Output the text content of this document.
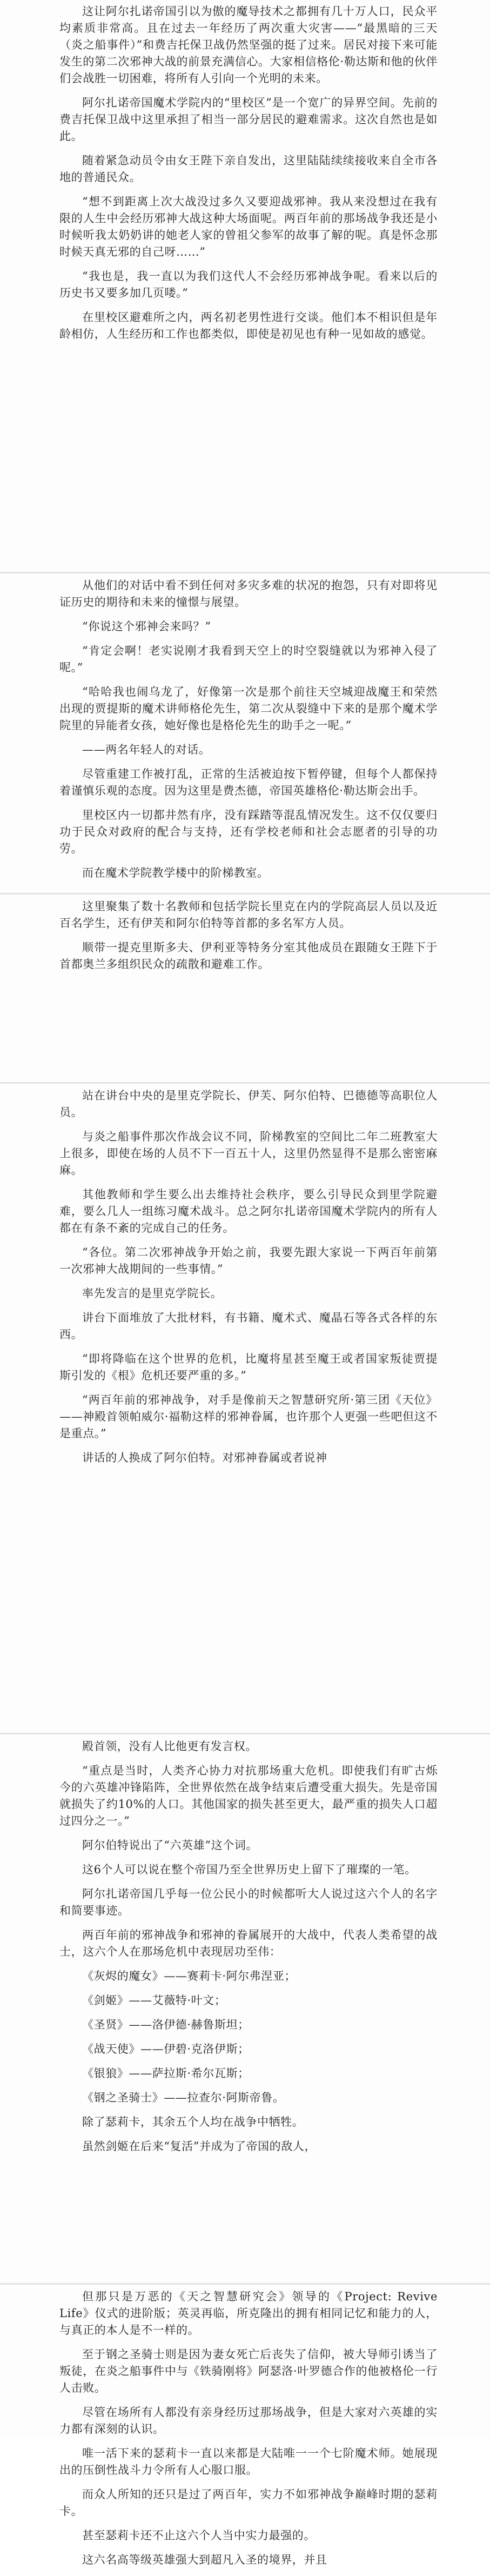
这让阿尔扎诺帝国引以为傲的魔导技术之都拥有几十万人口，民众平均素质非常高。且在过去一年经历了两次重大灾害——“最黑暗的三天（炎之船事件）”和费吉托保卫战仍然坚强的挺了过来。居民对接下来可能发生的第二次邪神大战的前景充满信心。大家相信格伦·勒达斯和他的伙伴们会战胜一切困难，将所有人引向一个光明的未来。

阿尔扎诺帝国魔术学院内的“里校区”是一个宽广的异界空间。先前的费吉托保卫战中这里承担了相当一部分居民的避难需求。这次自然也是如此。

随着紧急动员令由女王陛下亲自发出，这里陆陆续续接收来自全市各地的普通民众。

“想不到距离上次大战没过多久又要迎战邪神。我从来没想过在我有限的人生中会经历邪神大战这种大场面呢。两百年前的那场战争我还是小时候听我太奶奶讲的她老人家的曾祖父参军的故事了解的呢。真是怀念那时候天真无邪的自己呀……”

“我也是，我一直以为我们这代人不会经历邪神战争呢。看来以后的历史书又要多加几页喽。”

在里校区避难所之内，两名初老男性进行交谈。他们本不相识但是年龄相仿，人生经历和工作也都类似，即使是初见也有种一见如故的感觉。

从他们的对话中看不到任何对多灾多难的状况的抱怨，只有对即将见证历史的期待和未来的憧憬与展望。

“你说这个邪神会来吗？”

“肯定会啊！老实说刚才我看到天空上的时空裂缝就以为邪神入侵了呢。”

“哈哈我也闹乌龙了，好像第一次是那个前往天空城迎战魔王和荣然出现的贾提斯的魔术讲师格伦先生，第二次从裂缝中下来的是那个魔术学院里的异能者女孩，她好像也是格伦先生的助手之一呢。”

——两名年轻人的对话。

尽管重建工作被打乱，正常的生活被迫按下暂停键，但每个人都保持着谨慎乐观的态度。因为这里是费杰德，帝国英雄格伦·勒达斯会出手。

里校区内一切都井然有序，没有踩踏等混乱情况发生。这不仅仅要归功于民众对政府的配合与支持，还有学校老师和社会志愿者的引导的功劳。

而在魔术学院教学楼中的阶梯教室。

这里聚集了数十名教师和包括学院长里克在内的学院高层人员以及近百名学生，还有伊芙和阿尔伯特等首都的多名军方人员。

顺带一提克里斯多夫、伊利亚等特务分室其他成员在跟随女王陛下于首都奥兰多组织民众的疏散和避难工作。

站在讲台中央的是里克学院长、伊芙、阿尔伯特、巴德德等高职位人员。

与炎之船事件那次作战会议不同，阶梯教室的空间比二年二班教室大上很多，即使在场的人员不下一百五十人，这里仍然显得不是那么密密麻麻。

其他教师和学生要么出去维持社会秩序，要么引导民众到里学院避难，要么几人一组练习魔术战斗。总之阿尔扎诺帝国魔术学院内的所有人都在有条不紊的完成自己的任务。

“各位。第二次邪神战争开始之前，我要先跟大家说一下两百年前第一次邪神大战期间的一些事情。”

率先发言的是里克学院长。

讲台下面堆放了大批材料，有书籍、魔术式、魔晶石等各式各样的东西。

“即将降临在这个世界的危机，比魔将星甚至魔王或者国家叛徒贾提斯引发的《根》危机还要严重的多。”

“两百年前的邪神战争，对手是像前天之智慧研究所·第三团《天位》——神殿首领帕威尔·福勒这样的邪神眷属，也许那个人更强一些吧但这不是重点。”

讲话的人换成了阿尔伯特。对邪神眷属或者说神

殿首领，没有人比他更有发言权。

“重点是当时，人类齐心协力对抗那场重大危机。即使我们有旷古烁今的六英雄冲锋陷阵，全世界依然在战争结束后遭受重大损失。先是帝国就损失了约10%的人口。其他国家的损失甚至更大，最严重的损失人口超过四分之一。”

阿尔伯特说出了“六英雄”这个词。

这6个人可以说在整个帝国乃至全世界历史上留下了璀璨的一笔。

阿尔扎诺帝国几乎每一位公民小的时候都听大人说过这六个人的名字和简要事迹。

两百年前的邪神战争和邪神的眷属展开的大战中，代表人类希望的战士，这六个人在那场危机中表现居功至伟：

《灰烬的魔女》——赛莉卡·阿尔弗涅亚；

《剑姬》——艾薇特·叶文；

《圣贤》——洛伊德·赫鲁斯坦；

《战天使》——伊碧·克洛伊斯；

《银狼》——萨拉斯·希尔瓦斯；

《钢之圣骑士》——拉查尔·阿斯帝鲁。

除了瑟莉卡，其余五个人均在战争中牺牲。

虽然剑姬在后来“复活”并成为了帝国的敌人，

但那只是万恶的《天之智慧研究会》领导的《Project: Revive Life》仪式的进阶版；英灵再临，所克隆出的拥有相同记忆和能力的人，与真正的本人是不一样的。

至于钢之圣骑士则是因为妻女死亡后丧失了信仰，被大导师引诱当了叛徒，在炎之船事件中与《铁骑刚将》阿瑟洛·叶罗德合作的他被格伦一行人击败。

尽管在场所有人都没有亲身经历过那场战争，但是大家对六英雄的实力都有深刻的认识。

唯一活下来的瑟莉卡一直以来都是大陆唯一一个七阶魔术师。她展现出的压倒性战斗力令所有人心服口服。

而众人所知的还只是过了两百年，实力不如邪神战争巅峰时期的瑟莉卡。

甚至瑟莉卡还不止这六个人当中实力最强的。

这六名高等级英雄强大到超凡入圣的境界，并且
